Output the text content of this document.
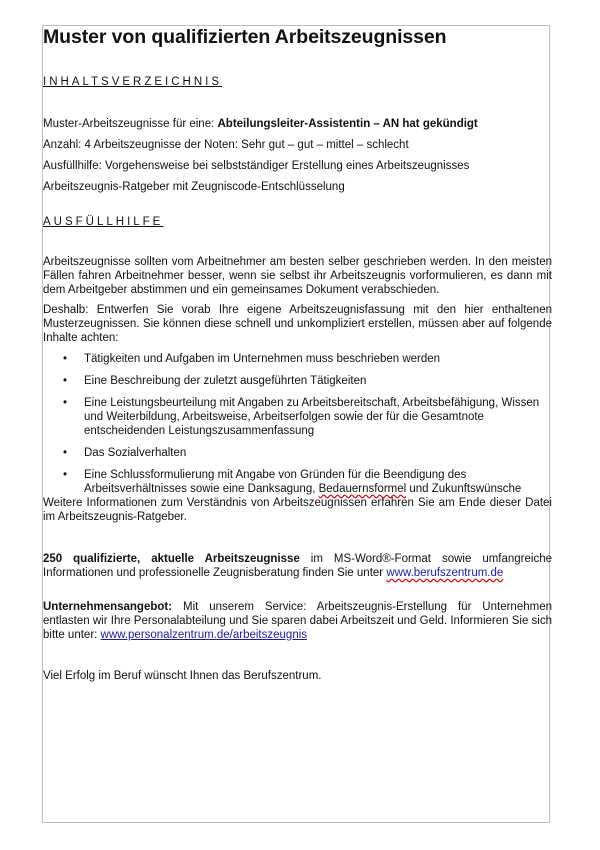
Muster von qualifizierten Arbeitszeugnissen

INHALTSVERZEICHNIS

Muster-Arbeitszeugnisse für eine: Abteilungsleiter-Assistentin – AN hat gekündigt

Anzahl: 4 Arbeitszeugnisse der Noten: Sehr gut – gut – mittel – schlecht

Ausfüllhilfe: Vorgehensweise bei selbstständiger Erstellung eines Arbeitszeugnisses

Arbeitszeugnis-Ratgeber mit Zeugniscode-Entschlüsselung

AUSFÜLLHILFE

Arbeitszeugnisse sollten vom Arbeitnehmer am besten selber geschrieben werden. In den meisten Fällen fahren Arbeitnehmer besser, wenn sie selbst ihr Arbeitszeugnis vorformulieren, es dann mit dem Arbeitgeber abstimmen und ein gemeinsames Dokument verabschieden.

Deshalb: Entwerfen Sie vorab Ihre eigene Arbeitszeugnisfassung mit den hier enthaltenen Musterzeugnissen. Sie können diese schnell und unkompliziert erstellen, müssen aber auf folgende Inhalte achten:

• Tätigkeiten und Aufgaben im Unternehmen muss beschrieben werden
• Eine Beschreibung der zuletzt ausgeführten Tätigkeiten
• Eine Leistungsbeurteilung mit Angaben zu Arbeitsbereitschaft, Arbeitsbefähigung, Wissen und Weiterbildung, Arbeitsweise, Arbeitserfolgen sowie der für die Gesamtnote entscheidenden Leistungszusammenfassung
• Das Sozialverhalten
• Eine Schlussformulierung mit Angabe von Gründen für die Beendigung des Arbeitsverhältnisses sowie eine Danksagung, Bedauernsformel und Zukunftswünsche

Weitere Informationen zum Verständnis von Arbeitszeugnissen erfahren Sie am Ende dieser Datei im Arbeitszeugnis-Ratgeber.

250 qualifizierte, aktuelle Arbeitszeugnisse im MS-Word®-Format sowie umfangreiche Informationen und professionelle Zeugnisberatung finden Sie unter www.berufszentrum.de

Unternehmensangebot: Mit unserem Service: Arbeitszeugnis-Erstellung für Unternehmen entlasten wir Ihre Personalabteilung und Sie sparen dabei Arbeitszeit und Geld. Informieren Sie sich bitte unter: www.personalzentrum.de/arbeitszeugnis

Viel Erfolg im Beruf wünscht Ihnen das Berufszentrum.
